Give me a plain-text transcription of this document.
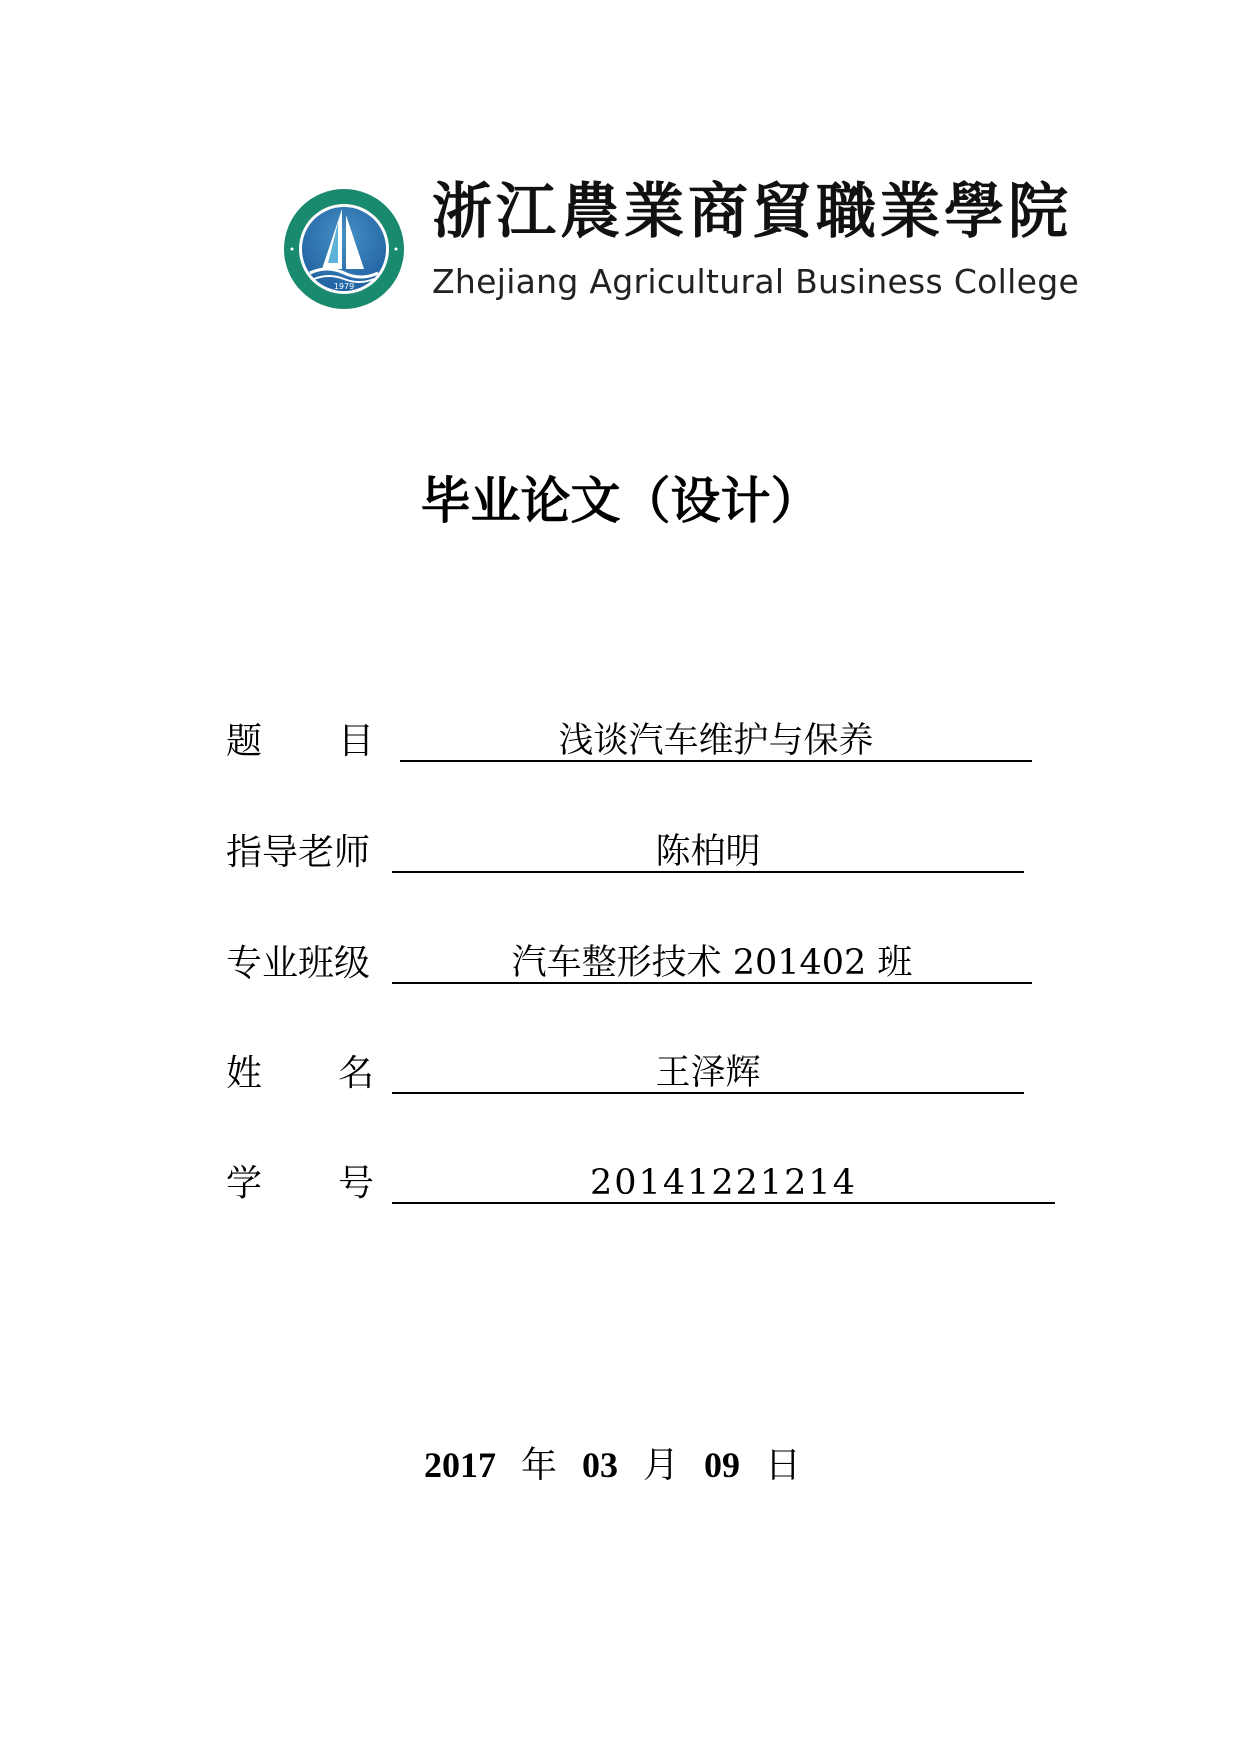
1979
浙江農業商貿職業學院
Zhejiang Agricultural Business College
毕业论文（设计）
题 目	浅谈汽车维护与保养
指导老师	陈柏明
专业班级	汽车整形技术 201402 班
姓 名	王泽辉
学 号	20141221214
2017 年 03 月 09 日
